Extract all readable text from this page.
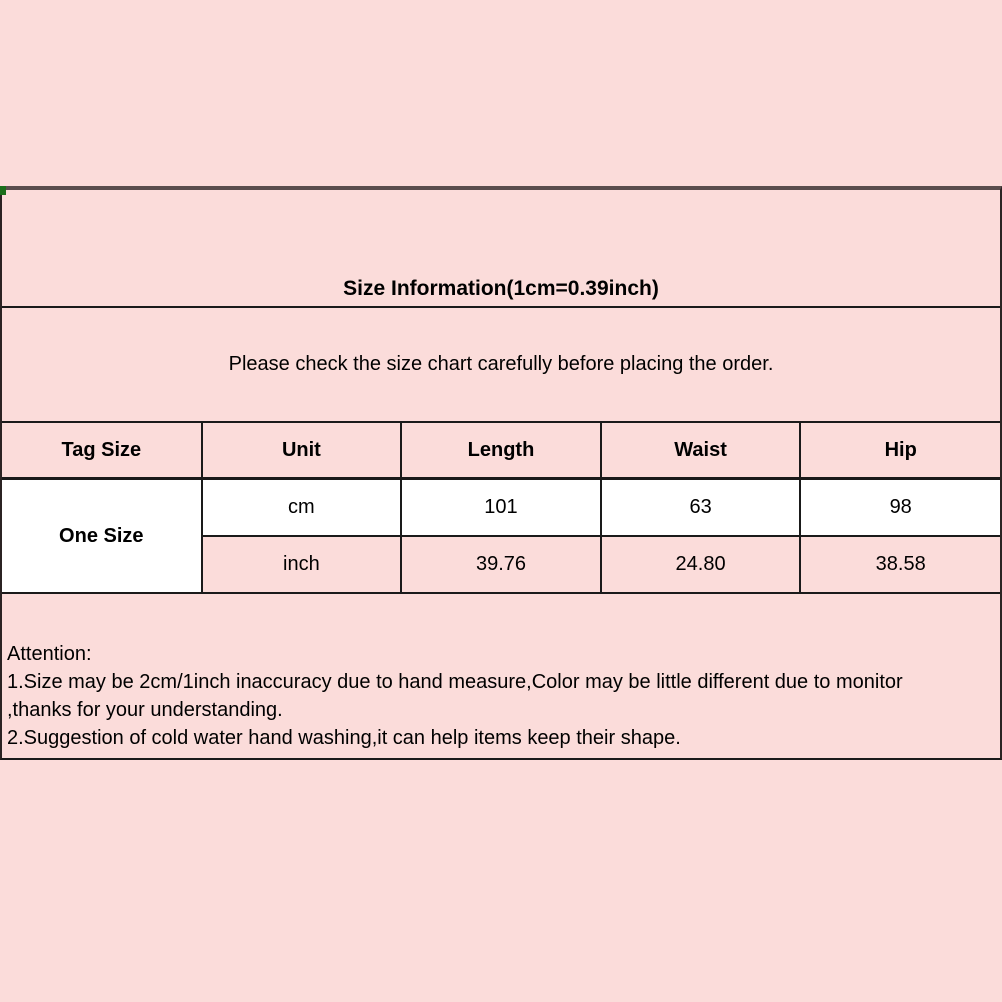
Size Information(1cm=0.39inch)
Please check the size chart carefully before placing the order.
Tag Size	Unit	Length	Waist	Hip
One Size	cm	101	63	98
	inch	39.76	24.80	38.58
Attention:
1.Size may be 2cm/1inch inaccuracy due to hand measure,Color may be little different due to monitor
,thanks for your understanding.
2.Suggestion of cold water hand washing,it can help items keep their shape.
